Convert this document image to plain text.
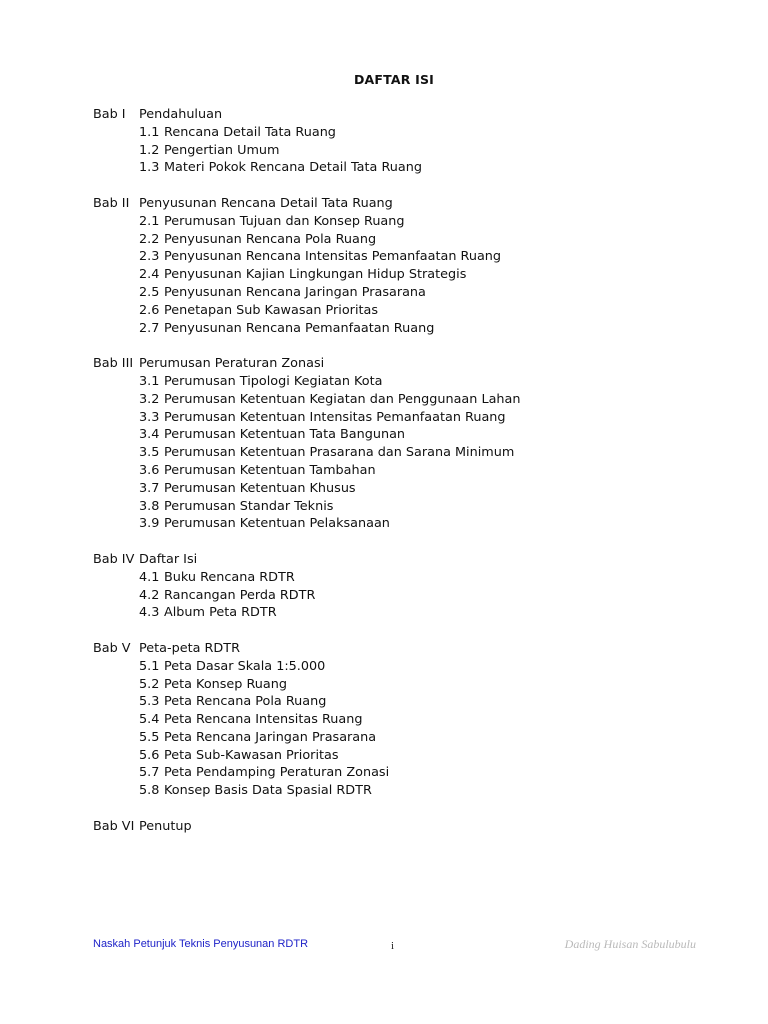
DAFTAR ISI
Bab I Pendahuluan
1.1 Rencana Detail Tata Ruang
1.2 Pengertian Umum
1.3 Materi Pokok Rencana Detail Tata Ruang
Bab II Penyusunan Rencana Detail Tata Ruang
2.1 Perumusan Tujuan dan Konsep Ruang
2.2 Penyusunan Rencana Pola Ruang
2.3 Penyusunan Rencana Intensitas Pemanfaatan Ruang
2.4 Penyusunan Kajian Lingkungan Hidup Strategis
2.5 Penyusunan Rencana Jaringan Prasarana
2.6 Penetapan Sub Kawasan Prioritas
2.7 Penyusunan Rencana Pemanfaatan Ruang
Bab III Perumusan Peraturan Zonasi
3.1 Perumusan Tipologi Kegiatan Kota
3.2 Perumusan Ketentuan Kegiatan dan Penggunaan Lahan
3.3 Perumusan Ketentuan Intensitas Pemanfaatan Ruang
3.4 Perumusan Ketentuan Tata Bangunan
3.5 Perumusan Ketentuan Prasarana dan Sarana Minimum
3.6 Perumusan Ketentuan Tambahan
3.7 Perumusan Ketentuan Khusus
3.8 Perumusan Standar Teknis
3.9 Perumusan Ketentuan Pelaksanaan
Bab IV Daftar Isi
4.1 Buku Rencana RDTR
4.2 Rancangan Perda RDTR
4.3 Album Peta RDTR
Bab V Peta-peta RDTR
5.1 Peta Dasar Skala 1:5.000
5.2 Peta Konsep Ruang
5.3 Peta Rencana Pola Ruang
5.4 Peta Rencana Intensitas Ruang
5.5 Peta Rencana Jaringan Prasarana
5.6 Peta Sub-Kawasan Prioritas
5.7 Peta Pendamping Peraturan Zonasi
5.8 Konsep Basis Data Spasial RDTR
Bab VI Penutup
Naskah Petunjuk Teknis Penyusunan RDTR	i	Dading Huisan Sabulubulu
